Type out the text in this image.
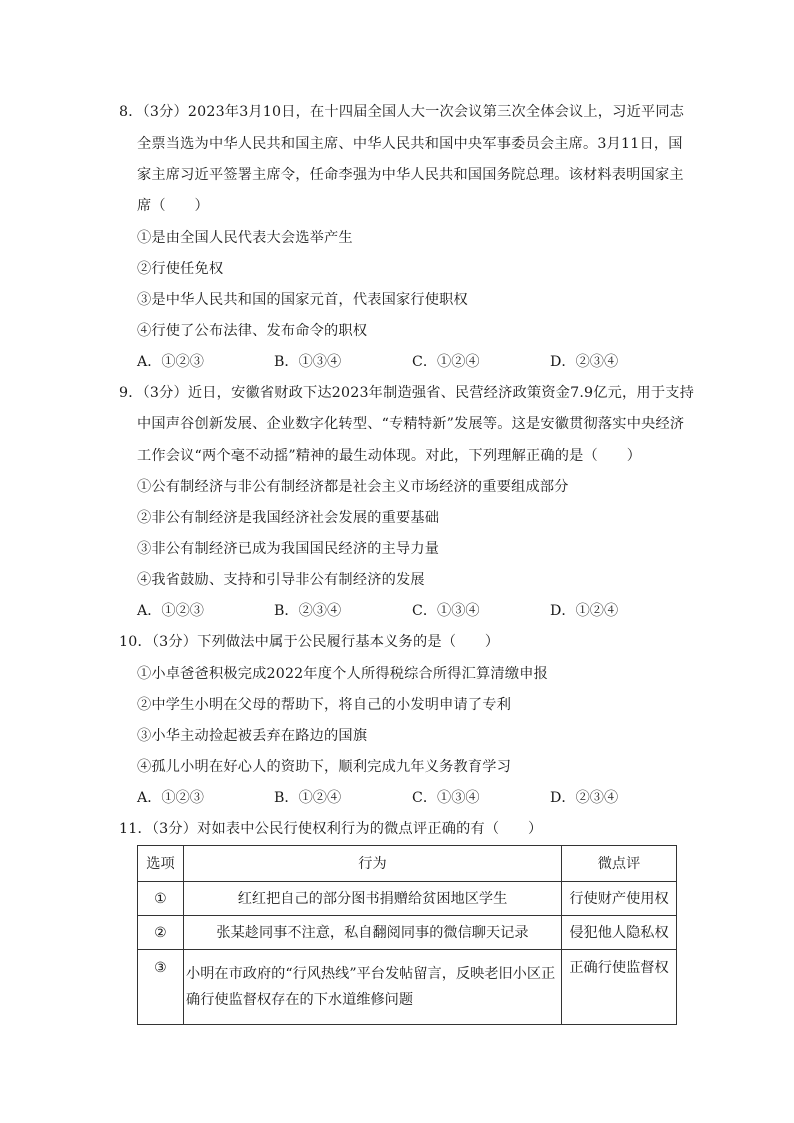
8．（3分）2023年3月10日，在十四届全国人大一次会议第三次全体会议上，习近平同志
全票当选为中华人民共和国主席、中华人民共和国中央军事委员会主席。3月11日，国
家主席习近平签署主席令，任命李强为中华人民共和国国务院总理。该材料表明国家主
席（　　）
①是由全国人民代表大会选举产生
②行使任免权
③是中华人民共和国的国家元首，代表国家行使职权
④行使了公布法律、发布命令的职权
A．①②③	B．①③④	C．①②④	D．②③④
9．（3分）近日，安徽省财政下达2023年制造强省、民营经济政策资金7.9亿元，用于支持
中国声谷创新发展、企业数字化转型、“专精特新”发展等。这是安徽贯彻落实中央经济
工作会议“两个毫不动摇”精神的最生动体现。对此，下列理解正确的是（　　）
①公有制经济与非公有制经济都是社会主义市场经济的重要组成部分
②非公有制经济是我国经济社会发展的重要基础
③非公有制经济已成为我国国民经济的主导力量
④我省鼓励、支持和引导非公有制经济的发展
A．①②③	B．②③④	C．①③④	D．①②④
10．（3分）下列做法中属于公民履行基本义务的是（　　）
①小卓爸爸积极完成2022年度个人所得税综合所得汇算清缴申报
②中学生小明在父母的帮助下，将自己的小发明申请了专利
③小华主动捡起被丢弃在路边的国旗
④孤儿小明在好心人的资助下，顺利完成九年义务教育学习
A．①②③	B．①②④	C．①③④	D．②③④
11．（3分）对如表中公民行使权利行为的微点评正确的有（　　）
选项	行为	微点评
①	红红把自己的部分图书捐赠给贫困地区学生	行使财产使用权
②	张某趁同事不注意，私自翻阅同事的微信聊天记录	侵犯他人隐私权
③	小明在市政府的“行风热线”平台发帖留言，反映老旧小区正
确行使监督权存在的下水道维修问题	正确行使监督权
